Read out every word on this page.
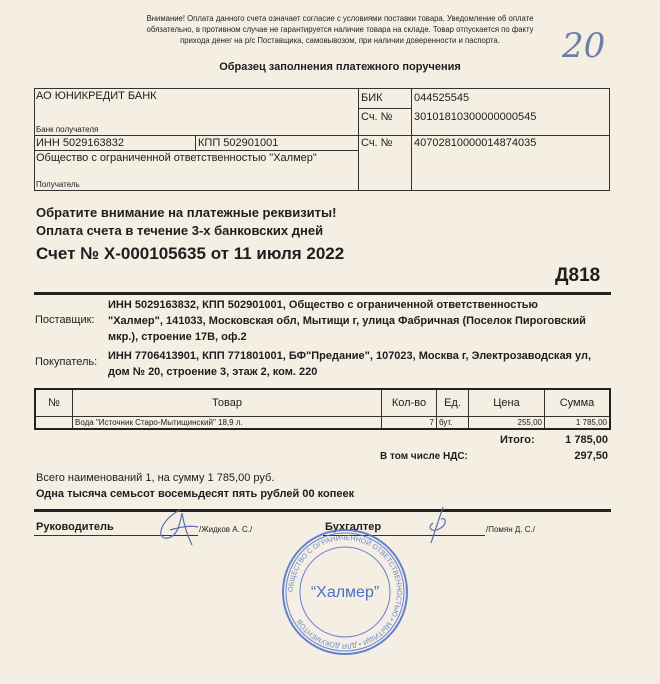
Внимание! Оплата данного счета означает согласие с условиями поставки товара. Уведомление об оплате
обязательно, в противном случае не гарантируется наличие товара на складе. Товар отпускается по факту
прихода денег на р/с Поставщика, самовывозом, при наличии доверенности и паспорта.	20
Образец заполнения платежного поручения
АО ЮНИКРЕДИТ БАНК
Банк получателя
БИК	044525545
Сч. № 30101810300000000545
ИНН 5029163832	КПП 502901001	Сч. № 40702810000014874035
Общество с ограниченной ответственностью "Халмер"
Получатель
Обратите внимание на платежные реквизиты!
Оплата счета в течение 3-х банковских дней
Счет № Х-000105635 от 11 июля 2022
Д818
Поставщик:
ИНН 5029163832, КПП 502901001, Общество с ограниченной ответственностью
"Халмер", 141033, Московская обл, Мытищи г, улица Фабричная (Поселок Пироговский
мкр.), строение 17В, оф.2
Покупатель: ИНН 7706413901, КПП 771801001, БФ"Предание", 107023, Москва г, Электрозаводская ул,
дом № 20, строение 3, этаж 2, ком. 220
№	Товар	Кол-во	Ед.	Цена	Сумма
	Вода "Источник Старо-Мытищинский" 18,9 л.	7	бут.	255,00	1 785,00
Итого:	1 785,00
В том числе НДС:	297,50
Всего наименований 1, на сумму 1 785,00 руб.
Одна тысяча семьсот восемьдесят пять рублей 00 копеек
Руководитель	/Жидков А. С./	Бухгалтер	/Помян Д. С./
ОБЩЕСТВО С ОГРАНИЧЕННОЙ ОТВЕТСТВЕННОСТЬЮ • МЫТИЩИ • ДЛЯ ДОКУМЕНТОВ
“Халмер”
